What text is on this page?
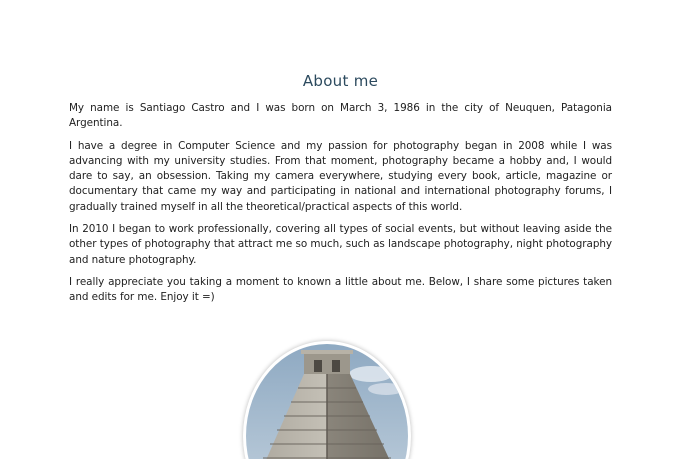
About me

My name is Santiago Castro and I was born on March 3, 1986 in the city of Neuquen, Patagonia Argentina.

I have a degree in Computer Science and my passion for photography began in 2008 while I was advancing with my university studies. From that moment, photography became a hobby and, I would dare to say, an obsession. Taking my camera everywhere, studying every book, article, magazine or documentary that came my way and participating in national and international photography forums, I gradually trained myself in all the theoretical/practical aspects of this world.

In 2010 I began to work professionally, covering all types of social events, but without leaving aside the other types of photography that attract me so much, such as landscape photography, night photography and nature photography.

I really appreciate you taking a moment to known a little about me. Below, I share some pictures taken and edits for me. Enjoy it =)
